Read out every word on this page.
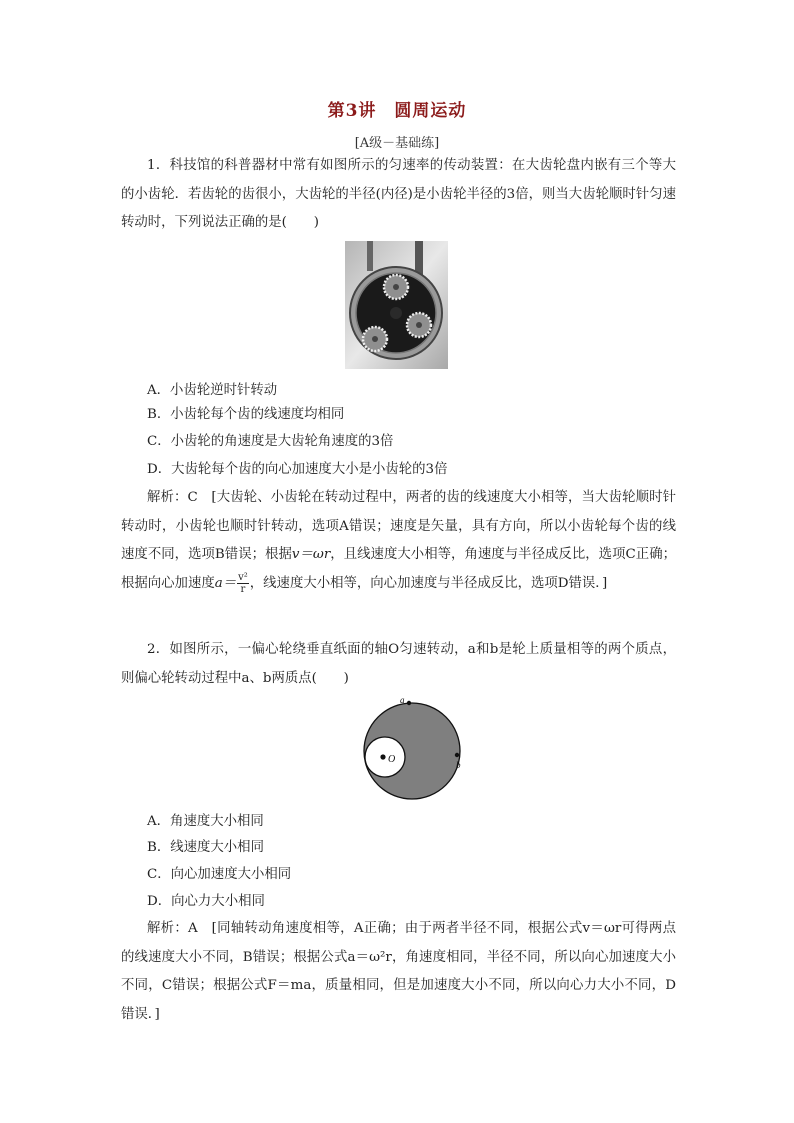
第3讲　圆周运动
[A级－基础练]

1．科技馆的科普器材中常有如图所示的匀速率的传动装置：在大齿轮盘内嵌有三个等大的小齿轮．若齿轮的齿很小，大齿轮的半径(内径)是小齿轮半径的3倍，则当大齿轮顺时针匀速转动时，下列说法正确的是(　　)

A．小齿轮逆时针转动

B．小齿轮每个齿的线速度均相同

C．小齿轮的角速度是大齿轮角速度的3倍

D．大齿轮每个齿的向心加速度大小是小齿轮的3倍

解析：C　[大齿轮、小齿轮在转动过程中，两者的齿的线速度大小相等，当大齿轮顺时针转动时，小齿轮也顺时针转动，选项A错误；速度是矢量，具有方向，所以小齿轮每个齿的线速度不同，选项B错误；根据v＝ωr，且线速度大小相等，角速度与半径成反比，选项C正确；根据向心加速度$a= \frac{\text{v²}}{r}$ ，线速度大小相等，向心加速度与半径成反比，选项D错误．]

2．如图所示，一偏心轮绕垂直纸面的轴O匀速转动，a和b是轮上质量相等的两个质点，则偏心轮转动过程中a、b两质点(　　)

a
b
O

A．角速度大小相同

B．线速度大小相同

C．向心加速度大小相同

D．向心力大小相同

解析：A　[同轴转动角速度相等，A正确；由于两者半径不同，根据公式v＝ωr可得两点的线速度大小不同，B错误；根据公式a＝ω²r，角速度相同，半径不同，所以向心加速度大小不同，C错误；根据公式F＝ma，质量相同，但是加速度大小不同，所以向心力大小不同，D错误．]
